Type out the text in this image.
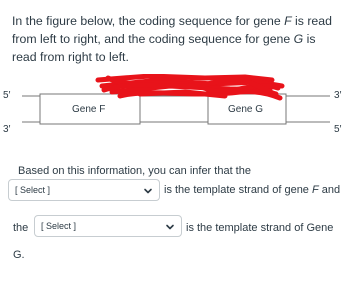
In the figure below, the coding sequence for gene F is read from left to right, and the coding sequence for gene G is read from right to left.
5′
3′
3′
5′
Gene F	Gene G
Based on this information, you can infer that the
[ Select ]	is the template strand of gene F and
the [ Select ]	is the template strand of Gene
G.
